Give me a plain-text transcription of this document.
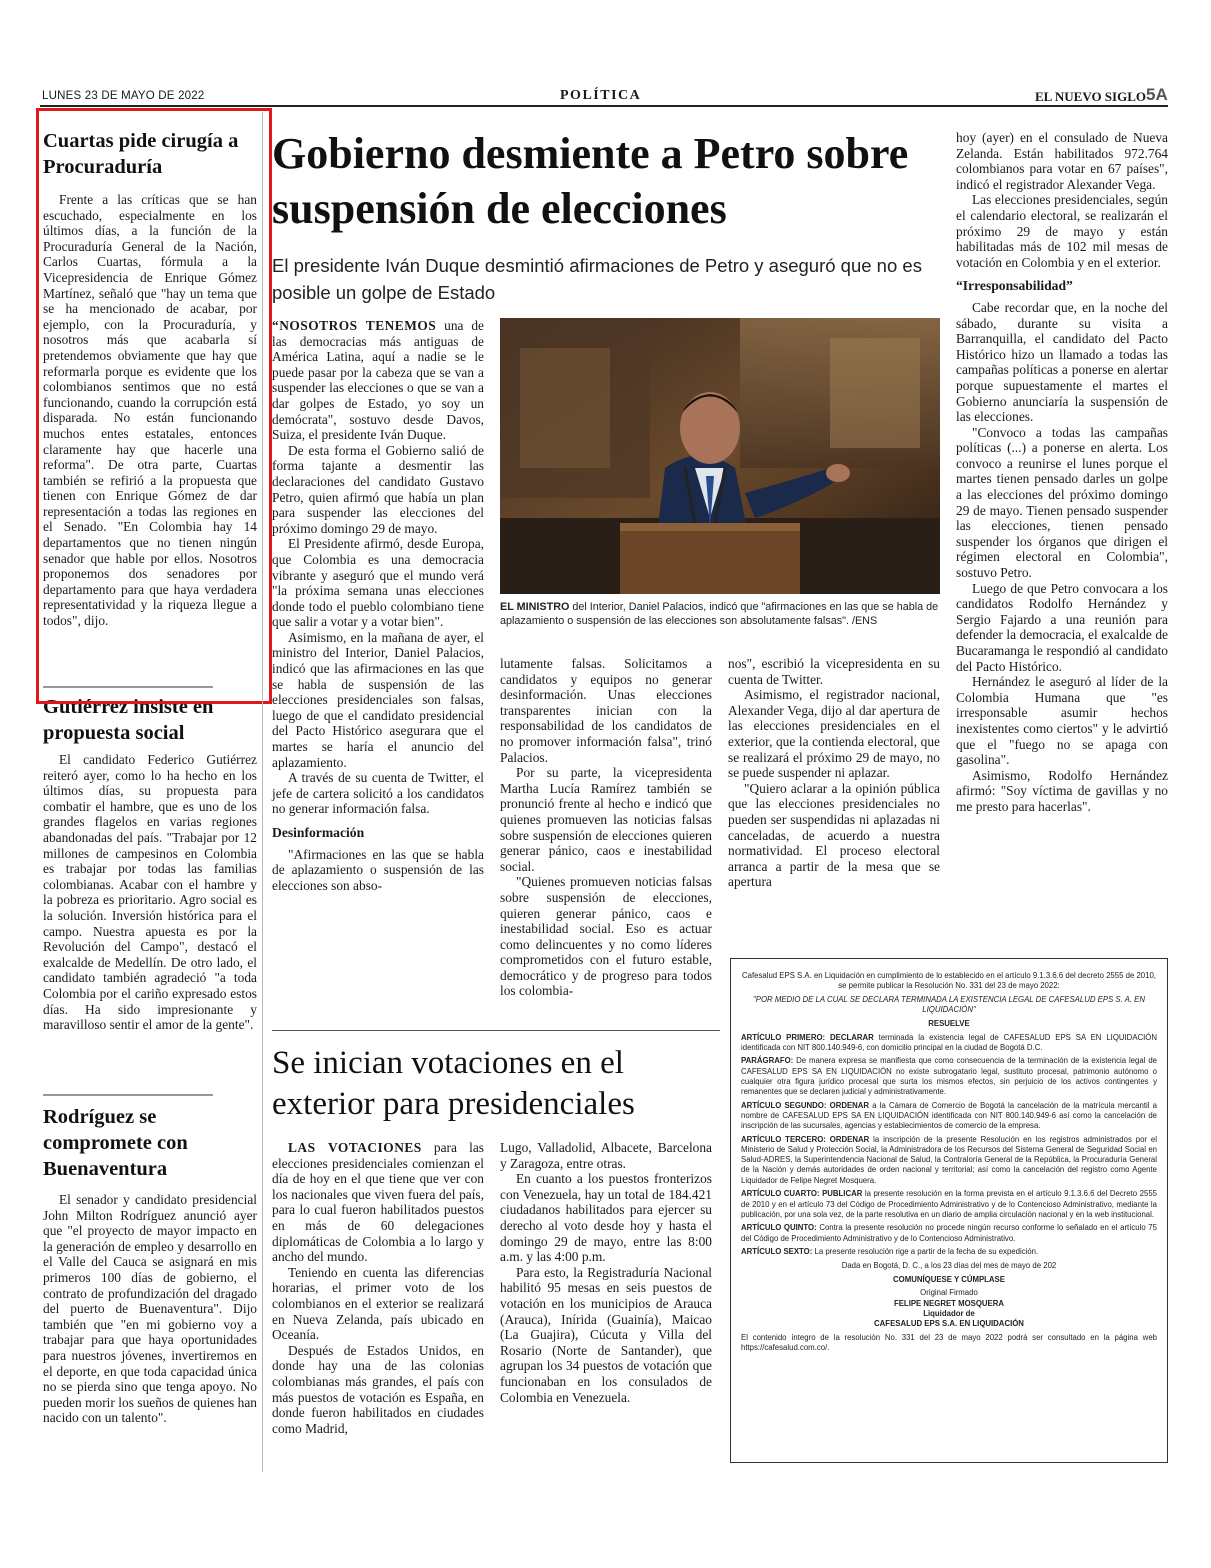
LUNES 23 DE MAYO DE 2022	POLÍTICA	EL NUEVO SIGLO 5A
Cuartas pide cirugía a Procuraduría

Frente a las críticas que se han escuchado, especialmente en los últimos días, a la función de la Procuraduría General de la Nación, Carlos Cuartas, fórmula a la Vicepresidencia de Enrique Gómez Martínez, señaló que "hay un tema que se ha mencionado de acabar, por ejemplo, con la Procuraduría, y nosotros más que acabarla sí pretendemos obviamente que hay que reformarla porque es evidente que los colombianos sentimos que no está funcionando, cuando la corrupción está disparada. No están funcionando muchos entes estatales, entonces claramente hay que hacerle una reforma". De otra parte, Cuartas también se refirió a la propuesta que tienen con Enrique Gómez de dar representación a todas las regiones en el Senado. "En Colombia hay 14 departamentos que no tienen ningún senador que hable por ellos. Nosotros proponemos dos senadores por departamento para que haya verdadera representatividad y la riqueza llegue a todos", dijo.

Gutiérrez insiste en propuesta social

El candidato Federico Gutiérrez reiteró ayer, como lo ha hecho en los últimos días, su propuesta para combatir el hambre, que es uno de los grandes flagelos en varias regiones abandonadas del país. "Trabajar por 12 millones de campesinos en Colombia es trabajar por todas las familias colombianas. Acabar con el hambre y la pobreza es prioritario. Agro social es la solución. Inversión histórica para el campo. Nuestra apuesta es por la Revolución del Campo", destacó el exalcalde de Medellín. De otro lado, el candidato también agradeció "a toda Colombia por el cariño expresado estos días. Ha sido impresionante y maravilloso sentir el amor de la gente".

Rodríguez se compromete con Buenaventura

El senador y candidato presidencial John Milton Rodríguez anunció ayer que "el proyecto de mayor impacto en la generación de empleo y desarrollo en el Valle del Cauca se asignará en mis primeros 100 días de gobierno, el contrato de profundización del dragado del puerto de Buenaventura". Dijo también que "en mi gobierno voy a trabajar para que haya oportunidades para nuestros jóvenes, invertiremos en el deporte, en que toda capacidad única no se pierda sino que tenga apoyo. No pueden morir los sueños de quienes han nacido con un talento".

Gobierno desmiente a Petro sobre suspensión de elecciones
El presidente Iván Duque desmintió afirmaciones de Petro y aseguró que no es posible un golpe de Estado

“NOSOTROS TENEMOS una de las democracias más antiguas de América Latina, aquí a nadie se le puede pasar por la cabeza que se van a suspender las elecciones o que se van a dar golpes de Estado, yo soy un demócrata", sostuvo desde Davos, Suiza, el presidente Iván Duque.

De esta forma el Gobierno salió de forma tajante a desmentir las declaraciones del candidato Gustavo Petro, quien afirmó que había un plan para suspender las elecciones del próximo domingo 29 de mayo.

El Presidente afirmó, desde Europa, que Colombia es una democracia vibrante y aseguró que el mundo verá "la próxima semana unas elecciones donde todo el pueblo colombiano tiene que salir a votar y a votar bien".

Asimismo, en la mañana de ayer, el ministro del Interior, Daniel Palacios, indicó que las afirmaciones en las que se habla de suspensión de las elecciones presidenciales son falsas, luego de que el candidato presidencial del Pacto Histórico asegurara que el martes se haría el anuncio del aplazamiento.

A través de su cuenta de Twitter, el jefe de cartera solicitó a los candidatos no generar información falsa.

Desinformación

"Afirmaciones en las que se habla de aplazamiento o suspensión de las elecciones son abso-

EL MINISTRO del Interior, Daniel Palacios, indicó que "afirmaciones en las que se habla de aplazamiento o suspensión de las elecciones son absolutamente falsas". /ENS

lutamente falsas. Solicitamos a candidatos y equipos no generar desinformación. Unas elecciones transparentes inician con la responsabilidad de los candidatos de no promover información falsa", trinó Palacios.

Por su parte, la vicepresidenta Martha Lucía Ramírez también se pronunció frente al hecho e indicó que quienes promueven las noticias falsas sobre suspensión de elecciones quieren generar pánico, caos e inestabilidad social.

"Quienes promueven noticias falsas sobre suspensión de elecciones, quieren generar pánico, caos e inestabilidad social. Eso es actuar como delincuentes y no como líderes comprometidos con el futuro estable, democrático y de progreso para todos los colombia-

nos", escribió la vicepresidenta en su cuenta de Twitter.

Asimismo, el registrador nacional, Alexander Vega, dijo al dar apertura de las elecciones presidenciales en el exterior, que la contienda electoral, que se realizará el próximo 29 de mayo, no se puede suspender ni aplazar.

"Quiero aclarar a la opinión pública que las elecciones presidenciales no pueden ser suspendidas ni aplazadas ni canceladas, de acuerdo a nuestra normatividad. El proceso electoral arranca a partir de la mesa que se apertura

hoy (ayer) en el consulado de Nueva Zelanda. Están habilitados 972.764 colombianos para votar en 67 países", indicó el registrador Alexander Vega.

Las elecciones presidenciales, según el calendario electoral, se realizarán el próximo 29 de mayo y están habilitadas más de 102 mil mesas de votación en Colombia y en el exterior.

“Irresponsabilidad”

Cabe recordar que, en la noche del sábado, durante su visita a Barranquilla, el candidato del Pacto Histórico hizo un llamado a todas las campañas políticas a ponerse en alertar porque supuestamente el martes el Gobierno anunciaría la suspensión de las elecciones.

"Convoco a todas las campañas políticas (...) a ponerse en alerta. Los convoco a reunirse el lunes porque el martes tienen pensado darles un golpe a las elecciones del próximo domingo 29 de mayo. Tienen pensado suspender las elecciones, tienen pensado suspender los órganos que dirigen el régimen electoral en Colombia", sostuvo Petro.

Luego de que Petro convocara a los candidatos Rodolfo Hernández y Sergio Fajardo a una reunión para defender la democracia, el exalcalde de Bucaramanga le respondió al candidato del Pacto Histórico.

Hernández le aseguró al líder de la Colombia Humana que "es irresponsable asumir hechos inexistentes como ciertos" y le advirtió que el "fuego no se apaga con gasolina".

Asimismo, Rodolfo Hernández afirmó: "Soy víctima de gavillas y no me presto para hacerlas".

Se inician votaciones en el exterior para presidenciales

LAS VOTACIONES para las elecciones presidenciales comienzan el día de hoy en el que tiene que ver con los nacionales que viven fuera del país, para lo cual fueron habilitados puestos en más de 60 delegaciones diplomáticas de Colombia a lo largo y ancho del mundo.

Teniendo en cuenta las diferencias horarias, el primer voto de los colombianos en el exterior se realizará en Nueva Zelanda, país ubicado en Oceanía.

Después de Estados Unidos, en donde hay una de las colonias colombianas más grandes, el país con más puestos de votación es España, en donde fueron habilitados en ciudades como Madrid,

Lugo, Valladolid, Albacete, Barcelona y Zaragoza, entre otras.

En cuanto a los puestos fronterizos con Venezuela, hay un total de 184.421 ciudadanos habilitados para ejercer su derecho al voto desde hoy y hasta el domingo 29 de mayo, entre las 8:00 a.m. y las 4:00 p.m.

Para esto, la Registraduría Nacional habilitó 95 mesas en seis puestos de votación en los municipios de Arauca (Arauca), Inírida (Guainía), Maicao (La Guajira), Cúcuta y Villa del Rosario (Norte de Santander), que agrupan los 34 puestos de votación que funcionaban en los consulados de Colombia en Venezuela.

Cafesalud EPS S.A. en Liquidación en cumplimiento de lo establecido en el artículo 9.1.3.6.6 del decreto 2555 de 2010, se permite publicar la Resolución No. 331 del 23 de mayo 2022:

"POR MEDIO DE LA CUAL SE DECLARA TERMINADA LA EXISTENCIA LEGAL DE CAFESALUD EPS S. A. EN LIQUIDACIÓN"

RESUELVE

ARTÍCULO PRIMERO: DECLARAR terminada la existencia legal de CAFESALUD EPS SA EN LIQUIDACIÓN identificada con NIT 800.140.949-6, con domicilio principal en la ciudad de Bogotá D.C.

PARÁGRAFO: De manera expresa se manifiesta que como consecuencia de la terminación de la existencia legal de CAFESALUD EPS SA EN LIQUIDACIÓN no existe subrogatario legal, sustituto procesal, patrimonio autónomo o cualquier otra figura jurídico procesal que surta los mismos efectos, sin perjuicio de los activos contingentes y remanentes que se declaren judicial y administrativamente.

ARTÍCULO SEGUNDO: ORDENAR a la Cámara de Comercio de Bogotá la cancelación de la matrícula mercantil a nombre de CAFESALUD EPS SA EN LIQUIDACIÓN identificada con NIT 800.140.949-6 así como la cancelación de inscripción de las sucursales, agencias y establecimientos de comercio de la empresa.

ARTÍCULO TERCERO: ORDENAR la inscripción de la presente Resolución en los registros administrados por el Ministerio de Salud y Protección Social, la Administradora de los Recursos del Sistema General de Seguridad Social en Salud-ADRES, la Superintendencia Nacional de Salud, la Contraloría General de la República, la Procuraduría General de la Nación y demás autoridades de orden nacional y territorial; así como la cancelación del registro como Agente Liquidador de Felipe Negret Mosquera.

ARTÍCULO CUARTO: PUBLICAR la presente resolución en la forma prevista en el artículo 9.1.3.6.6 del Decreto 2555 de 2010 y en el artículo 73 del Código de Procedimiento Administrativo y de lo Contencioso Administrativo, mediante la publicación, por una sola vez, de la parte resolutiva en un diario de amplia circulación nacional y en la web institucional.

ARTÍCULO QUINTO: Contra la presente resolución no procede ningún recurso conforme lo señalado en el artículo 75 del Código de Procedimiento Administrativo y de lo Contencioso Administrativo.

ARTÍCULO SEXTO: La presente resolución rige a partir de la fecha de su expedición.

Dada en Bogotá, D. C., a los 23 días del mes de mayo de 202

COMUNÍQUESE Y CÚMPLASE

Original Firmado

FELIPE NEGRET MOSQUERA

Liquidador de

CAFESALUD EPS S.A. EN LIQUIDACIÓN

El contenido íntegro de la resolución No. 331 del 23 de mayo 2022 podrá ser consultado en la página web https://cafesalud.com.co/.
